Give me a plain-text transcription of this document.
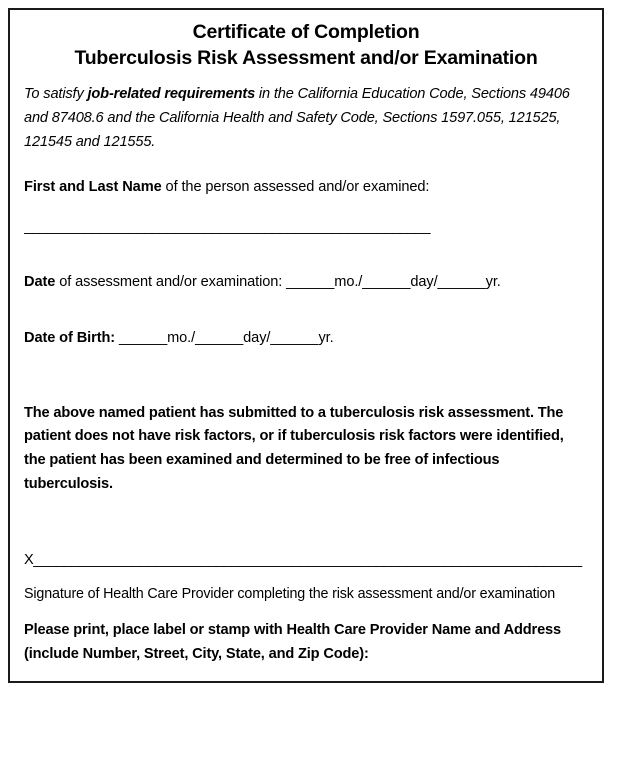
Certificate of Completion
Tuberculosis Risk Assessment and/or Examination

To satisfy job-related requirements in the California Education Code, Sections 49406 and 87408.6 and the California Health and Safety Code, Sections 1597.055, 121525, 121545 and 121555.

First and Last Name of the person assessed and/or examined:
______________________________________________________
Date of assessment and/or examination: ______mo./______day/______yr.
Date of Birth: ______mo./______day/______yr.

The above named patient has submitted to a tuberculosis risk assessment. The patient does not have risk factors, or if tuberculosis risk factors were identified, the patient has been examined and determined to be free of infectious tuberculosis.

X________________________________________________________________________

Signature of Health Care Provider completing the risk assessment and/or examination

Please print, place label or stamp with Health Care Provider Name and Address (include Number, Street, City, State, and Zip Code):
